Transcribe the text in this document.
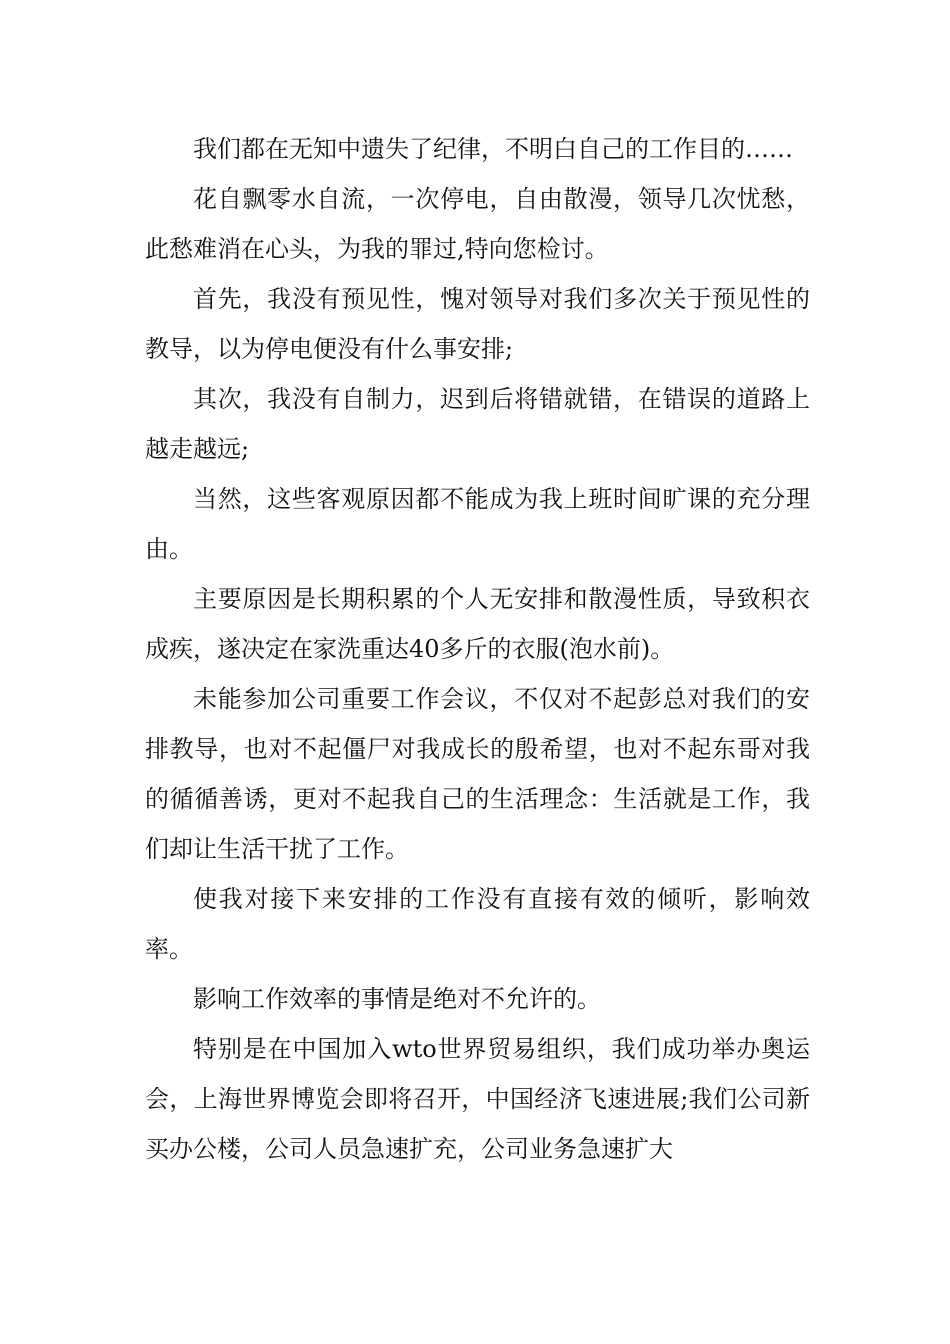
我们都在无知中遗失了纪律，不明白自己的工作目的……

花自飘零水自流，一次停电，自由散漫，领导几次忧愁，此愁难消在心头，为我的罪过,特向您检讨。

首先，我没有预见性，愧对领导对我们多次关于预见性的教导，以为停电便没有什么事安排;

其次，我没有自制力，迟到后将错就错，在错误的道路上越走越远;

当然，这些客观原因都不能成为我上班时间旷课的充分理由。

主要原因是长期积累的个人无安排和散漫性质，导致积衣成疾，遂决定在家洗重达40多斤的衣服(泡水前)。

未能参加公司重要工作会议，不仅对不起彭总对我们的安排教导，也对不起僵尸对我成长的殷希望，也对不起东哥对我的循循善诱，更对不起我自己的生活理念：生活就是工作，我们却让生活干扰了工作。

使我对接下来安排的工作没有直接有效的倾听，影响效率。

影响工作效率的事情是绝对不允许的。

特别是在中国加入wto世界贸易组织，我们成功举办奥运会，上海世界博览会即将召开，中国经济飞速进展;我们公司新买办公楼，公司人员急速扩充，公司业务急速扩大
